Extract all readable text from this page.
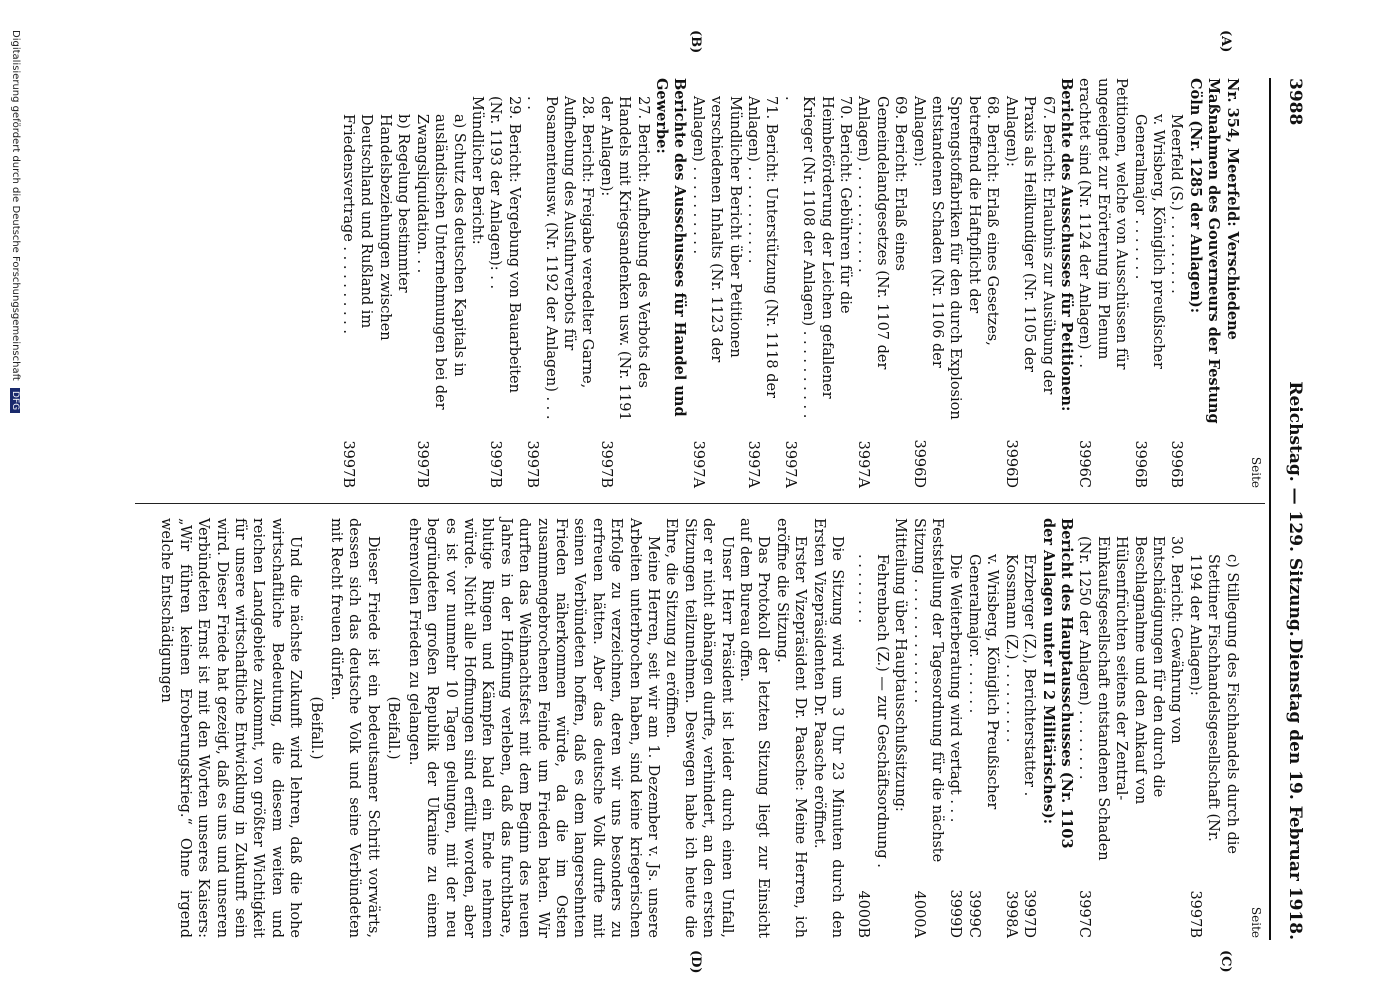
3988
Reichstag. — 129. Sitzung.
Dienstag den 19. Februar 1918.
(A)
(B)
(C)
(D)
Seite
Nr. 354, Meerfeld: Verschiedene Maßnahmen des Gouverneurs der Festung Cöln (Nr. 1285 der Anlagen):
Meerfeld (S.) . . . . . . . . .
3996B
v. Wrisberg, Königlich preußischer Generalmajor . . . . . . .
3996B
Petitionen, welche von Ausschüssen für ungeeignet zur Erörterung im Plenum erachtet sind (Nr. 1124 der Anlagen) . .
3996C
Berichte des Ausschusses für Petitionen:
67. Bericht: Erlaubnis zur Ausübung der Praxis als Heilkundiger (Nr. 1105 der Anlagen):
3996D
68. Bericht: Erlaß eines Gesetzes, betreffend die Haftpflicht der Sprengstoffabriken für den durch Explosion entstandenen Schaden (Nr. 1106 der Anlagen):
3996D
69. Bericht: Erlaß eines Gemeindelandgesetzes (Nr. 1107 der Anlagen) . . . . . . . . . . . .
3997A
70. Bericht: Gebühren für die Heimbeförderung der Leichen gefallener Krieger (Nr. 1108 der Anlagen) . . . . . . . . . . .
3997A
71. Bericht: Unterstützung (Nr. 1118 der Anlagen) . . . . . . . . . . .
3997A
Mündlicher Bericht über Petitionen verschiedenen Inhalts (Nr. 1123 der Anlagen) . . . . . . . . . .
3997A
Berichte des Ausschusses für Handel und Gewerbe:
27. Bericht: Aufhebung des Verbots des Handels mit Kriegsandenken usw. (Nr. 1191 der Anlagen):
3997B
28. Bericht: Freigabe veredelter Garne, Aufhebung des Ausfuhrverbots für Posamentenusw. (Nr. 1192 der Anlagen) . . . . .
3997B
29. Bericht: Vergebung von Bauarbeiten (Nr. 1193 der Anlagen): . .
3997B
Mündlicher Bericht:
a) Schutz des deutschen Kapitals in ausländischen Unternehmungen bei der Zwangsliquidation. . .
3997B
b) Regelung bestimmter Handelsbeziehungen zwischen Deutschland und Rußland im Friedensvertrage . . . . . . . . . .
3997B
Seite
c) Stillegung des Fischhandels durch die Stettiner Fischhandelsgesellschaft (Nr. 1194 der Anlagen):
3997B
30. Bericht: Gewährung von Entschädigungen für den durch die Beschlagnahme und den Ankauf von Hülsenfrüchten seitens der Zentral-Einkaufsgesellschaft entstandenen Schaden (Nr. 1250 der Anlagen) . . . . . . . .
3997C
Bericht des Hauptausschusses (Nr. 1103 der Anlagen unter II 2 Militärisches):
Erzberger (Z.), Berichterstatter .
3997D
Kossmann (Z.) . . . . . . . . .
3998A
v. Wrisberg, Königlich Preußischer Generalmajor. . . . . . .
3999C
Die Weiterberatung wird vertagt . . .
3999D
Feststellung der Tagesordnung für die nächste Sitzung . . . . . . . . . . . . . .
4000A
Mitteilung über Hauptausschußsitzung:
Fehrenbach (Z.) — zur Geschäftsordnung . . . . . . . . .
4000B

Die Sitzung wird um 3 Uhr 23 Minuten durch den Ersten Vizepräsidenten Dr. Paasche eröffnet.

Erster Vizepräsident Dr. Paasche: Meine Herren, ich eröffne die Sitzung.

Das Protokoll der letzten Sitzung liegt zur Einsicht auf dem Bureau offen.

Unser Herr Präsident ist leider durch einen Unfall, der er nicht abhängen durfte, verhindert, an den ersten Sitzungen teilzunehmen. Deswegen habe ich heute die Ehre, die Sitzung zu eröffnen.

Meine Herren, seit wir am 1. Dezember v. Js. unsere Arbeiten unterbrochen haben, sind keine kriegerischen Erfolge zu verzeichnen, deren wir uns besonders zu erfreuen hätten. Aber das deutsche Volk durfte mit seinen Verbündeten hoffen, daß es dem langersehnten Frieden näherkommen würde, da die im Osten zusammengebrochenen Feinde um Frieden baten. Wir durften das Weihnachtsfest mit dem Beginn des neuen Jahres in der Hoffnung verleben, daß das furchtbare, blutige Ringen und Kämpfen bald ein Ende nehmen würde. Nicht alle Hoffnungen sind erfüllt worden, aber es ist vor nunmehr 10 Tagen gelungen, mit der neu begründeten großen Republik der Ukraine zu einem ehrenvollen Frieden zu gelangen.

(Beifall.)

Dieser Friede ist ein bedeutsamer Schritt vorwärts, dessen sich das deutsche Volk und seine Verbündeten mit Recht freuen dürfen.

(Beifall.)

Und die nächste Zukunft wird lehren, daß die hohe wirtschaftliche Bedeutung, die diesem weiten und reichen Landgebiete zukommt, von größter Wichtigkeit für unsere wirtschaftliche Entwicklung in Zukunft sein wird. Dieser Friede hat gezeigt, daß es uns und unseren Verbündeten Ernst ist mit den Worten unseres Kaisers: „Wir führen keinen Eroberungskrieg.“ Ohne irgend welche Entschädigungen

Digitalisierung gefördert durch die Deutsche Forschungsgemeinschaft DFG
